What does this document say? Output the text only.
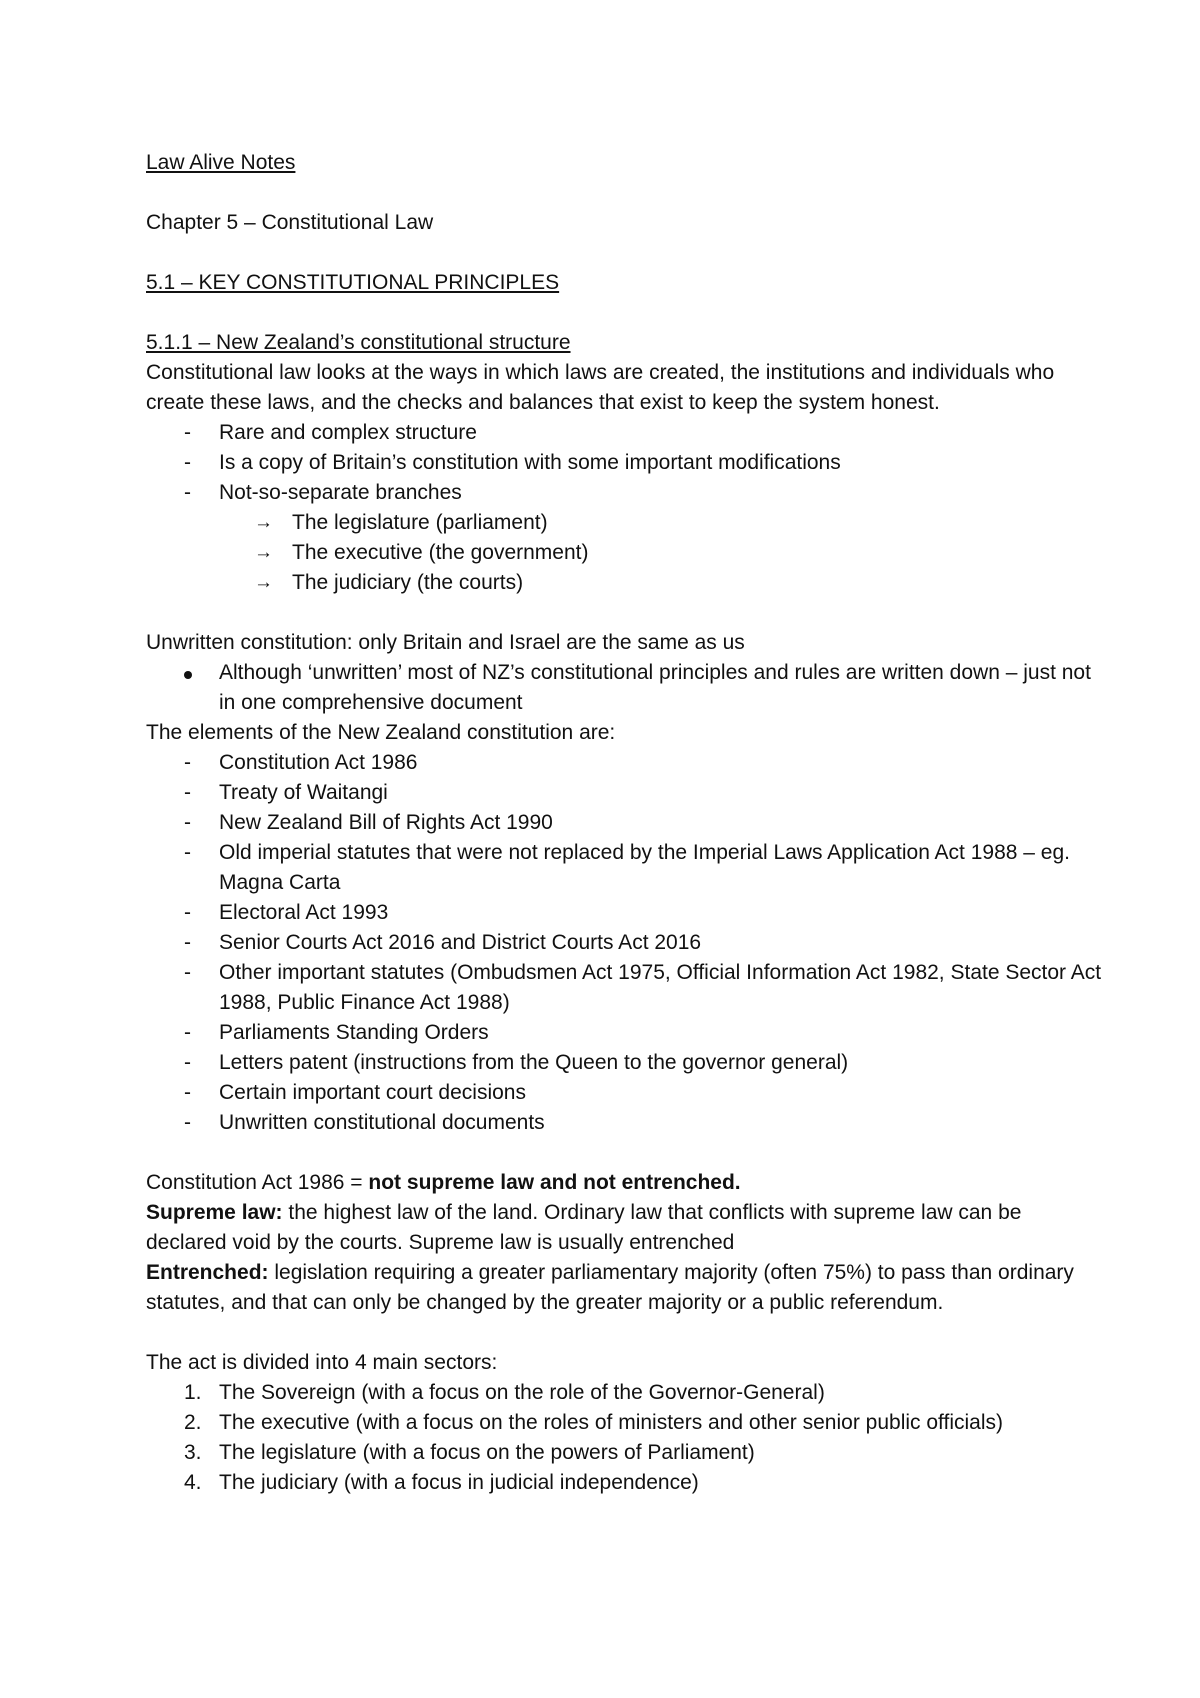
Law Alive Notes

Chapter 5 – Constitutional Law

5.1 – KEY CONSTITUTIONAL PRINCIPLES

5.1.1 – New Zealand’s constitutional structure

Constitutional law looks at the ways in which laws are created, the institutions and individuals who create these laws, and the checks and balances that exist to keep the system honest.

- Rare and complex structure
- Is a copy of Britain’s constitution with some important modifications
- Not-so-separate branches
→ The legislature (parliament)
→ The executive (the government)
→ The judiciary (the courts)

Unwritten constitution: only Britain and Israel are the same as us

Although ‘unwritten’ most of NZ’s constitutional principles and rules are written down – just not in one comprehensive document

The elements of the New Zealand constitution are:

- Constitution Act 1986
- Treaty of Waitangi
- New Zealand Bill of Rights Act 1990
- Old imperial statutes that were not replaced by the Imperial Laws Application Act 1988 – eg. Magna Carta
- Electoral Act 1993
- Senior Courts Act 2016 and District Courts Act 2016
- Other important statutes (Ombudsmen Act 1975, Official Information Act 1982, State Sector Act 1988, Public Finance Act 1988)
- Parliaments Standing Orders
- Letters patent (instructions from the Queen to the governor general)
- Certain important court decisions
- Unwritten constitutional documents

Constitution Act 1986 = not supreme law and not entrenched.

Supreme law: the highest law of the land. Ordinary law that conflicts with supreme law can be declared void by the courts. Supreme law is usually entrenched

Entrenched: legislation requiring a greater parliamentary majority (often 75%) to pass than ordinary statutes, and that can only be changed by the greater majority or a public referendum.

The act is divided into 4 main sectors:

1. The Sovereign (with a focus on the role of the Governor-General)
2. The executive (with a focus on the roles of ministers and other senior public officials)
3. The legislature (with a focus on the powers of Parliament)
4. The judiciary (with a focus in judicial independence)
